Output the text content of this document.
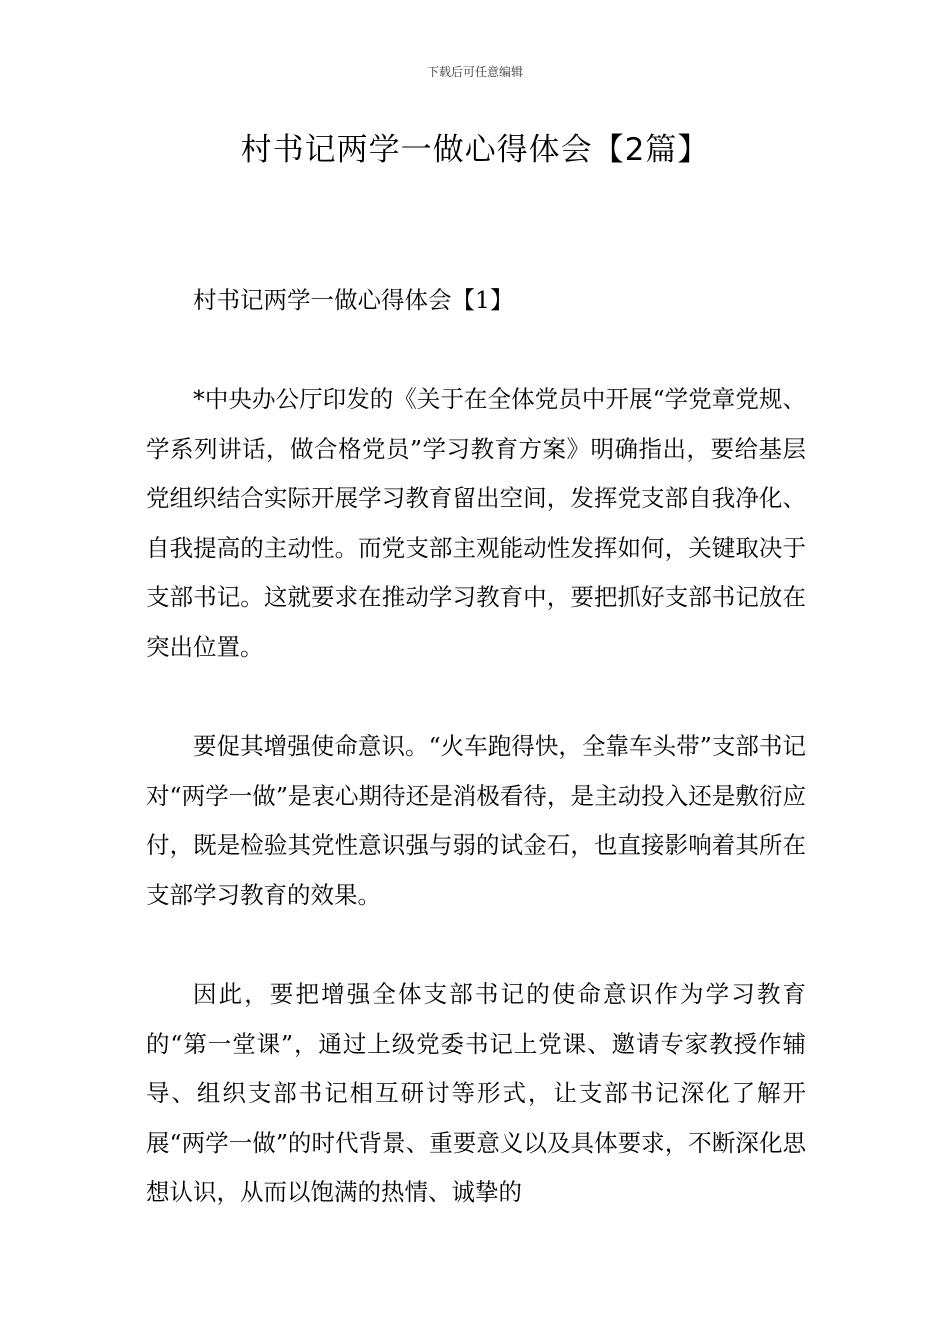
下载后可任意编辑
村书记两学一做心得体会【2篇】

村书记两学一做心得体会【1】

*中央办公厅印发的《关于在全体党员中开展“学党章党规、学系列讲话，做合格党员”学习教育方案》明确指出，要给基层党组织结合实际开展学习教育留出空间，发挥党支部自我净化、自我提高的主动性。而党支部主观能动性发挥如何，关键取决于支部书记。这就要求在推动学习教育中，要把抓好支部书记放在突出位置。

要促其增强使命意识。“火车跑得快，全靠车头带”支部书记对“两学一做”是衷心期待还是消极看待，是主动投入还是敷衍应付，既是检验其党性意识强与弱的试金石，也直接影响着其所在支部学习教育的效果。

因此，要把增强全体支部书记的使命意识作为学习教育的“第一堂课”，通过上级党委书记上党课、邀请专家教授作辅导、组织支部书记相互研讨等形式，让支部书记深化了解开展“两学一做”的时代背景、重要意义以及具体要求，不断深化思想认识，从而以饱满的热情、诚挚的
